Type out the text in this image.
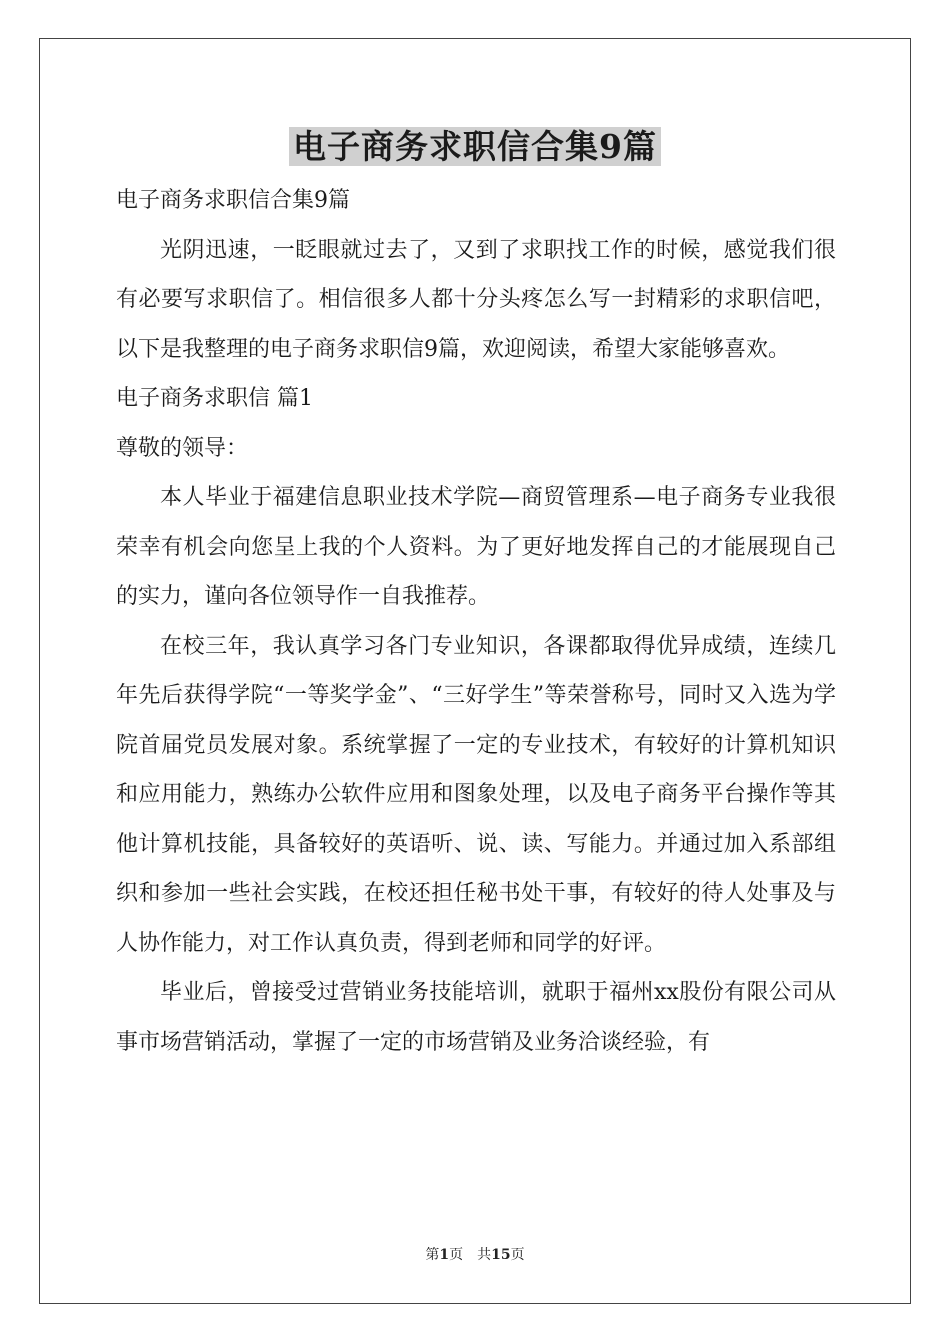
电子商务求职信合集9篇

电子商务求职信合集9篇

光阴迅速，一眨眼就过去了，又到了求职找工作的时候，感觉我们很有必要写求职信了。相信很多人都十分头疼怎么写一封精彩的求职信吧，以下是我整理的电子商务求职信9篇，欢迎阅读，希望大家能够喜欢。

电子商务求职信 篇1

尊敬的领导：

本人毕业于福建信息职业技术学院—商贸管理系—电子商务专业我很荣幸有机会向您呈上我的个人资料。为了更好地发挥自己的才能展现自己的实力，谨向各位领导作一自我推荐。

在校三年，我认真学习各门专业知识，各课都取得优异成绩，连续几年先后获得学院“一等奖学金”、“三好学生”等荣誉称号，同时又入选为学院首届党员发展对象。系统掌握了一定的专业技术，有较好的计算机知识和应用能力，熟练办公软件应用和图象处理，以及电子商务平台操作等其他计算机技能，具备较好的英语听、说、读、写能力。并通过加入系部组织和参加一些社会实践，在校还担任秘书处干事，有较好的待人处事及与人协作能力，对工作认真负责，得到老师和同学的好评。

毕业后，曾接受过营销业务技能培训，就职于福州xx股份有限公司从事市场营销活动，掌握了一定的市场营销及业务洽谈经验，有

第1页 共15页
